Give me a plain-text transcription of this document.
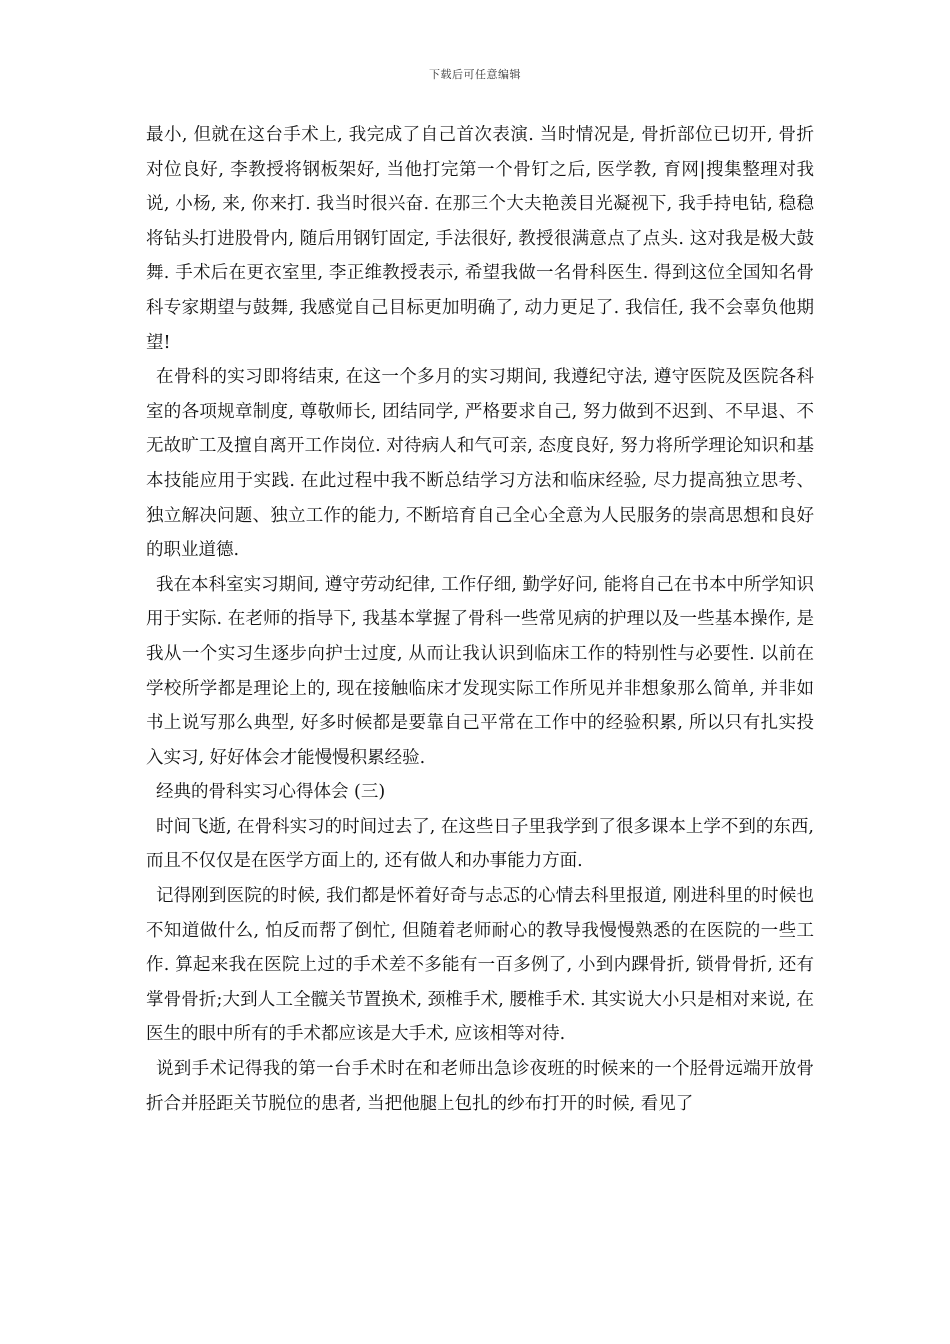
下载后可任意编辑

最小, 但就在这台手术上, 我完成了自己首次表演. 当时情况是, 骨折部位已切开, 骨折对位良好, 李教授将钢板架好, 当他打完第一个骨钉之后, 医学教, 育网|搜集整理对我说, 小杨, 来, 你来打. 我当时很兴奋. 在那三个大夫艳羡目光凝视下, 我手持电钻, 稳稳将钻头打进股骨内, 随后用钢钉固定, 手法很好, 教授很满意点了点头. 这对我是极大鼓舞. 手术后在更衣室里, 李正维教授表示, 希望我做一名骨科医生. 得到这位全国知名骨科专家期望与鼓舞, 我感觉自己目标更加明确了, 动力更足了. 我信任, 我不会辜负他期望!

在骨科的实习即将结束, 在这一个多月的实习期间, 我遵纪守法, 遵守医院及医院各科室的各项规章制度, 尊敬师长, 团结同学, 严格要求自己, 努力做到不迟到、不早退、不无故旷工及擅自离开工作岗位. 对待病人和气可亲, 态度良好, 努力将所学理论知识和基本技能应用于实践. 在此过程中我不断总结学习方法和临床经验, 尽力提高独立思考、独立解决问题、独立工作的能力, 不断培育自己全心全意为人民服务的崇高思想和良好的职业道德.

我在本科室实习期间, 遵守劳动纪律, 工作仔细, 勤学好问, 能将自己在书本中所学知识用于实际. 在老师的指导下, 我基本掌握了骨科一些常见病的护理以及一些基本操作, 是我从一个实习生逐步向护士过度, 从而让我认识到临床工作的特别性与必要性. 以前在学校所学都是理论上的, 现在接触临床才发现实际工作所见并非想象那么简单, 并非如书上说写那么典型, 好多时候都是要靠自己平常在工作中的经验积累, 所以只有扎实投入实习, 好好体会才能慢慢积累经验.

经典的骨科实习心得体会 (三)

时间飞逝, 在骨科实习的时间过去了, 在这些日子里我学到了很多课本上学不到的东西, 而且不仅仅是在医学方面上的, 还有做人和办事能力方面.

记得刚到医院的时候, 我们都是怀着好奇与忐忑的心情去科里报道, 刚进科里的时候也不知道做什么, 怕反而帮了倒忙, 但随着老师耐心的教导我慢慢熟悉的在医院的一些工作. 算起来我在医院上过的手术差不多能有一百多例了, 小到内踝骨折, 锁骨骨折, 还有掌骨骨折;大到人工全髋关节置换术, 颈椎手术, 腰椎手术. 其实说大小只是相对来说, 在医生的眼中所有的手术都应该是大手术, 应该相等对待.

说到手术记得我的第一台手术时在和老师出急诊夜班的时候来的一个胫骨远端开放骨折合并胫距关节脱位的患者, 当把他腿上包扎的纱布打开的时候, 看见了
